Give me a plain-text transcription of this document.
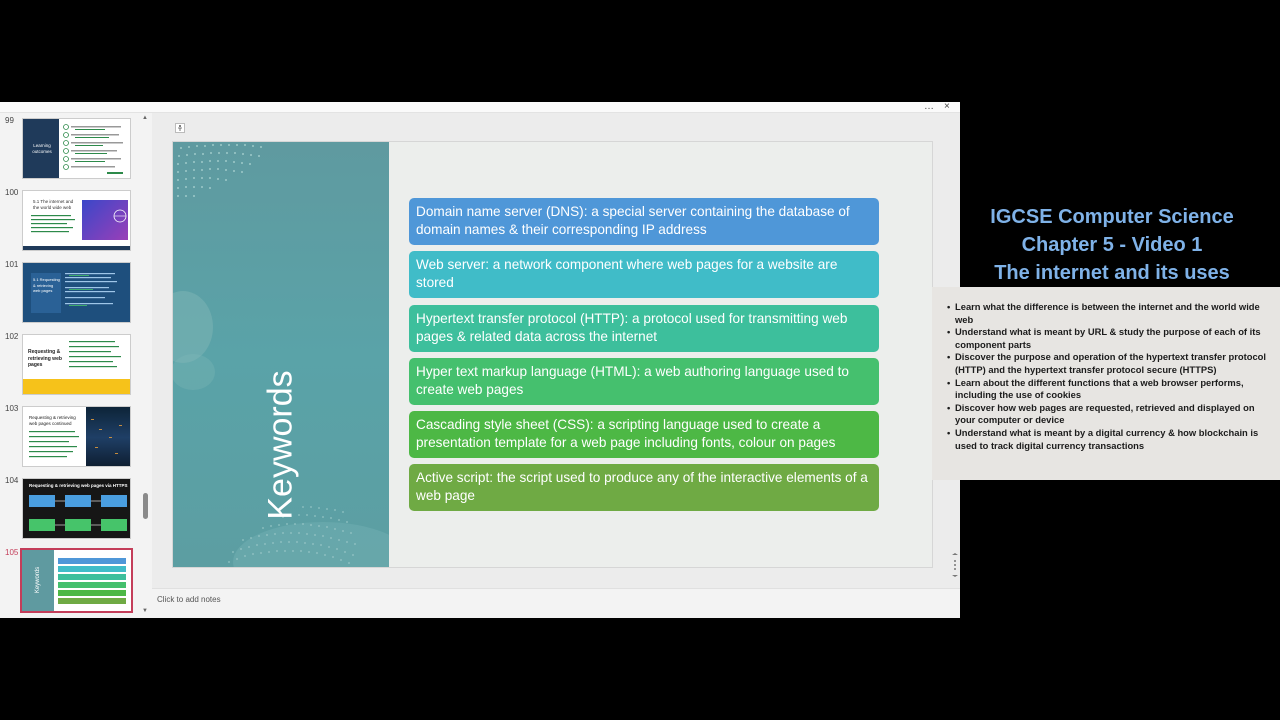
… ×
99
Learning outcomes
100
5.1 The internet and the world wide web
101
5.1 Requesting & retrieving web pages
102
Requesting & retrieving web pages
103
Requesting & retrieving web pages continued
104
Requesting & retrieving web pages via HTTPS
105
Keywords
▲
▼
Keywords
Domain name server (DNS): a special server containing the database of domain names & their corresponding IP address
Web server: a network component where web pages for a website are stored
Hypertext transfer protocol (HTTP): a protocol used for transmitting web pages & related data across the internet
Hyper text markup language (HTML): a web authoring language used to create web pages
Cascading style sheet (CSS): a scripting language used to create a presentation template for a web page including fonts, colour on pages
Active script: the script used to produce any of the interactive elements of a web page
Click to add notes
IGCSE Computer Science
Chapter 5 - Video 1
The internet and its uses
• Learn what the difference is between the internet and the world wide web
• Understand what is meant by URL & study the purpose of each of its component parts
• Discover the purpose and operation of the hypertext transfer protocol (HTTP) and the hypertext transfer protocol secure (HTTPS)
• Learn about the different functions that a web browser performs, including the use of cookies
• Discover how web pages are requested, retrieved and displayed on your computer or device
• Understand what is meant by a digital currency & how blockchain is used to track digital currency transactions
